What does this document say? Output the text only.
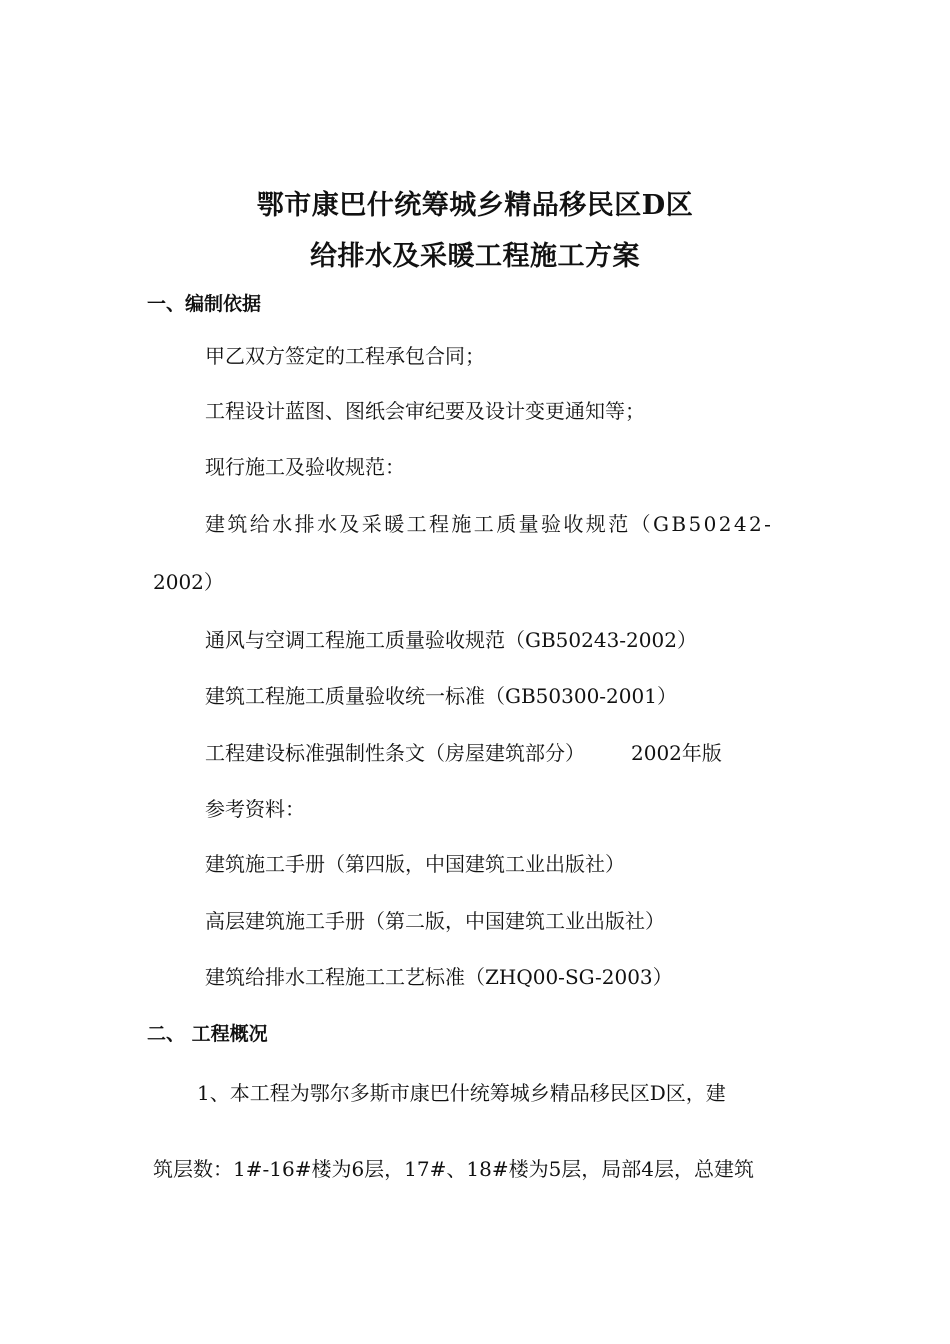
鄂市康巴什统筹城乡精品移民区D区
给排水及采暖工程施工方案
一、编制依据
甲乙双方签定的工程承包合同；
工程设计蓝图、图纸会审纪要及设计变更通知等；
现行施工及验收规范：
建筑给水排水及采暖工程施工质量验收规范（GB50242-
2002）
通风与空调工程施工质量验收规范（GB50243-2002）
建筑工程施工质量验收统一标准（GB50300-2001）
工程建设标准强制性条文（房屋建筑部分） 2002年版
参考资料：
建筑施工手册（第四版，中国建筑工业出版社）
高层建筑施工手册（第二版，中国建筑工业出版社）
建筑给排水工程施工工艺标准（ZHQ00-SG-2003）
二、 工程概况
1、本工程为鄂尔多斯市康巴什统筹城乡精品移民区D区，建
筑层数：1#-16#楼为6层，17#、18#楼为5层，局部4层，总建筑
